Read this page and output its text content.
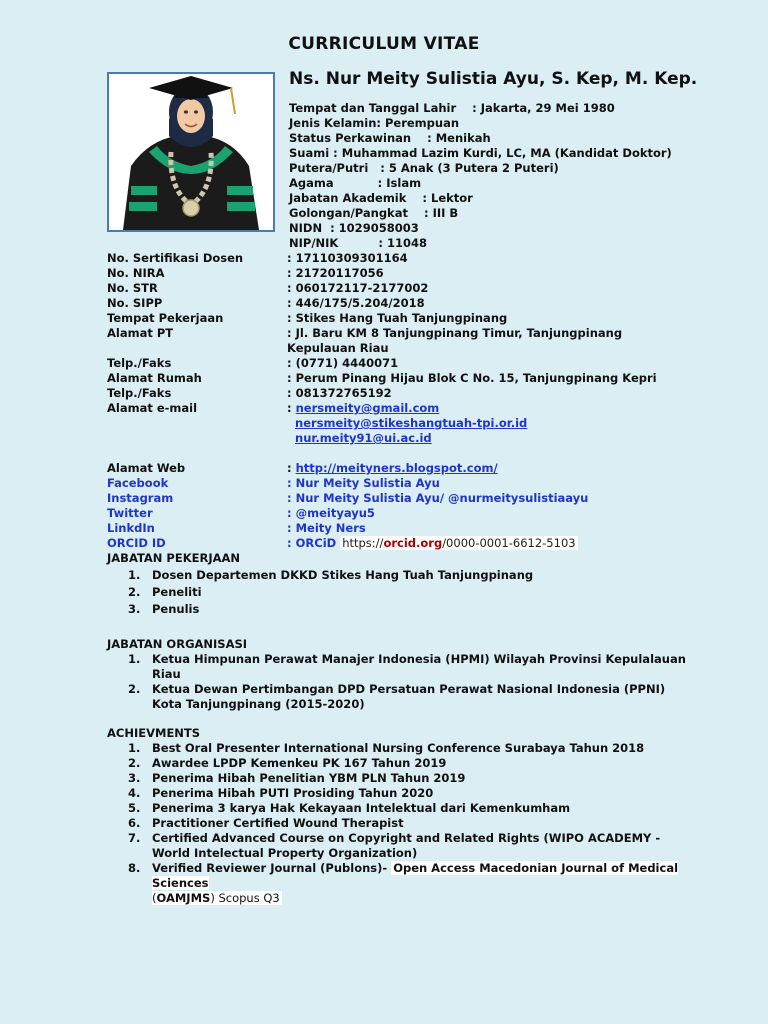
CURRICULUM VITAE
Ns. Nur Meity Sulistia Ayu, S. Kep, M. Kep.
Tempat dan Tanggal Lahir    : Jakarta, 29 Mei 1980
Jenis Kelamin: Perempuan
Status Perkawinan    : Menikah
Suami : Muhammad Lazim Kurdi, LC, MA (Kandidat Doktor)
Putera/Putri   : 5 Anak (3 Putera 2 Puteri)
Agama           : Islam
Jabatan Akademik    : Lektor
Golongan/Pangkat    : III B
NIDN  : 1029058003
NIP/NIK          : 11048
No. Sertifikasi Dosen	: 17110309301164
No. NIRA	: 21720117056
No. STR	: 060172117-2177002
No. SIPP	: 446/175/5.204/2018
Tempat Pekerjaan	: Stikes Hang Tuah Tanjungpinang
Alamat PT	: Jl. Baru KM 8 Tanjungpinang Timur, Tanjungpinang
Kepulauan Riau
Telp./Faks	: (0771) 4440071
Alamat Rumah	: Perum Pinang Hijau Blok C No. 15, Tanjungpinang Kepri
Telp./Faks	: 081372765192
Alamat e-mail	: nersmeity@gmail.com
nersmeity@stikeshangtuah-tpi.or.id
nur.meity91@ui.ac.id
Alamat Web	: http://meityners.blogspot.com/
Facebook	: Nur Meity Sulistia Ayu
Instagram	: Nur Meity Sulistia Ayu/ @nurmeitysulistiaayu
Twitter	: @meityayu5
LinkdIn	: Meity Ners
ORCID ID	: ORCiD https://orcid.org/0000-0001-6612-5103
JABATAN PEKERJAAN
1. Dosen Departemen DKKD Stikes Hang Tuah Tanjungpinang
2. Peneliti
3. Penulis
JABATAN ORGANISASI
1. Ketua Himpunan Perawat Manajer Indonesia (HPMI) Wilayah Provinsi Kepulalauan Riau
2. Ketua Dewan Pertimbangan DPD Persatuan Perawat Nasional Indonesia (PPNI) Kota Tanjungpinang (2015-2020)
ACHIEVMENTS
1. Best Oral Presenter International Nursing Conference Surabaya Tahun 2018
2. Awardee LPDP Kemenkeu PK 167 Tahun 2019
3. Penerima Hibah Penelitian YBM PLN Tahun 2019
4. Penerima Hibah PUTI Prosiding Tahun 2020
5. Penerima 3 karya Hak Kekayaan Intelektual dari Kemenkumham
6. Practitioner Certified Wound Therapist
7. Certified Advanced Course on Copyright and Related Rights (WIPO ACADEMY - World Intelectual Property Organization)
8. Verified Reviewer Journal (Publons)- Open Access Macedonian Journal of Medical Sciences
(OAMJMS) Scopus Q3
